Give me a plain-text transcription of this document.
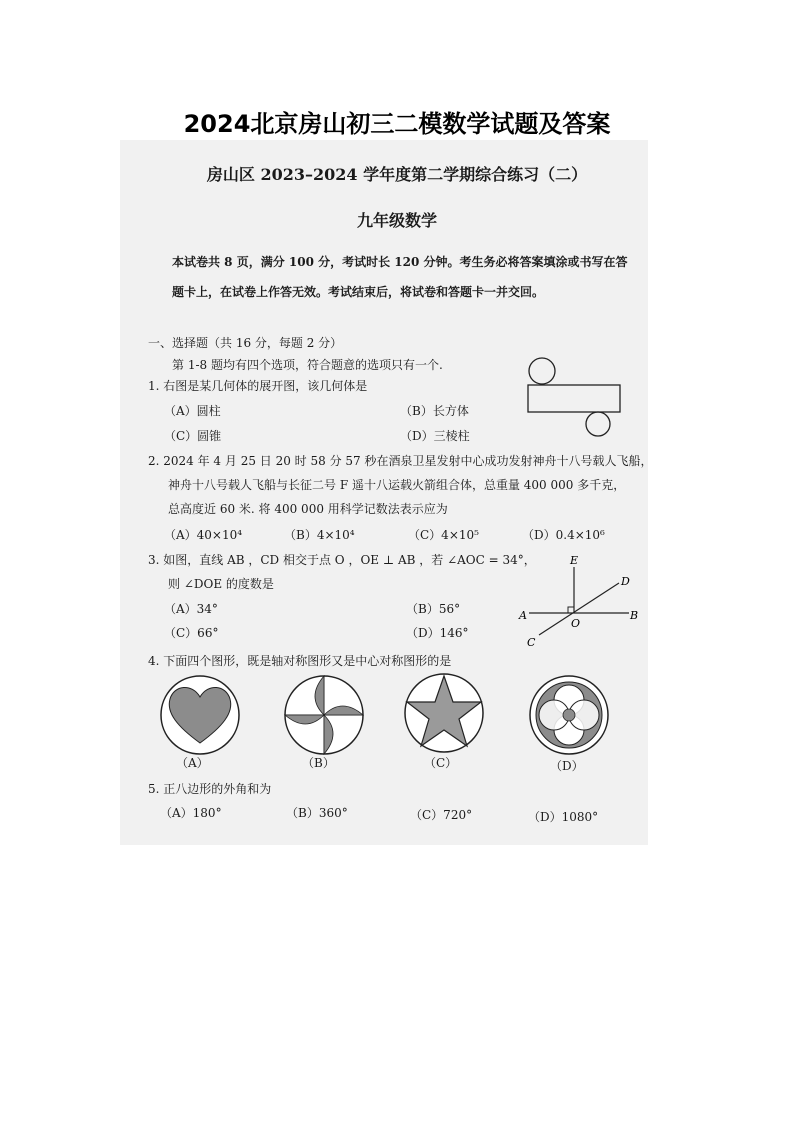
2024北京房山初三二模数学试题及答案
房山区 2023–2024 学年度第二学期综合练习（二）
九年级数学
本试卷共 8 页，满分 100 分，考试时长 120 分钟。考生务必将答案填涂或书写在答
题卡上，在试卷上作答无效。考试结束后，将试卷和答题卡一并交回。
一、选择题（共 16 分，每题 2 分）
第 1-8 题均有四个选项，符合题意的选项只有一个.
1. 右图是某几何体的展开图，该几何体是
（A）圆柱	（B）长方体
（C）圆锥	（D）三棱柱
2. 2024 年 4 月 25 日 20 时 58 分 57 秒在酒泉卫星发射中心成功发射神舟十八号载人飞船，
神舟十八号载人飞船与长征二号 F 遥十八运载火箭组合体，总重量 400 000 多千克，
总高度近 60 米. 将 400 000 用科学记数法表示应为
（A）40×10⁴	（B）4×10⁴	（C）4×10⁵	（D）0.4×10⁶
3. 如图，直线 AB ，CD 相交于点 O ，OE ⊥ AB ，若 ∠AOC = 34°，
则 ∠DOE 的度数是
（A）34°	（B）56°
（C）66°	（D）146°
E
D
A
O
B
C
4. 下面四个图形，既是轴对称图形又是中心对称图形的是
（A）	（B）	（C）	（D）
5. 正八边形的外角和为
（A）180°	（B）360°	（C）720°	（D）1080°
